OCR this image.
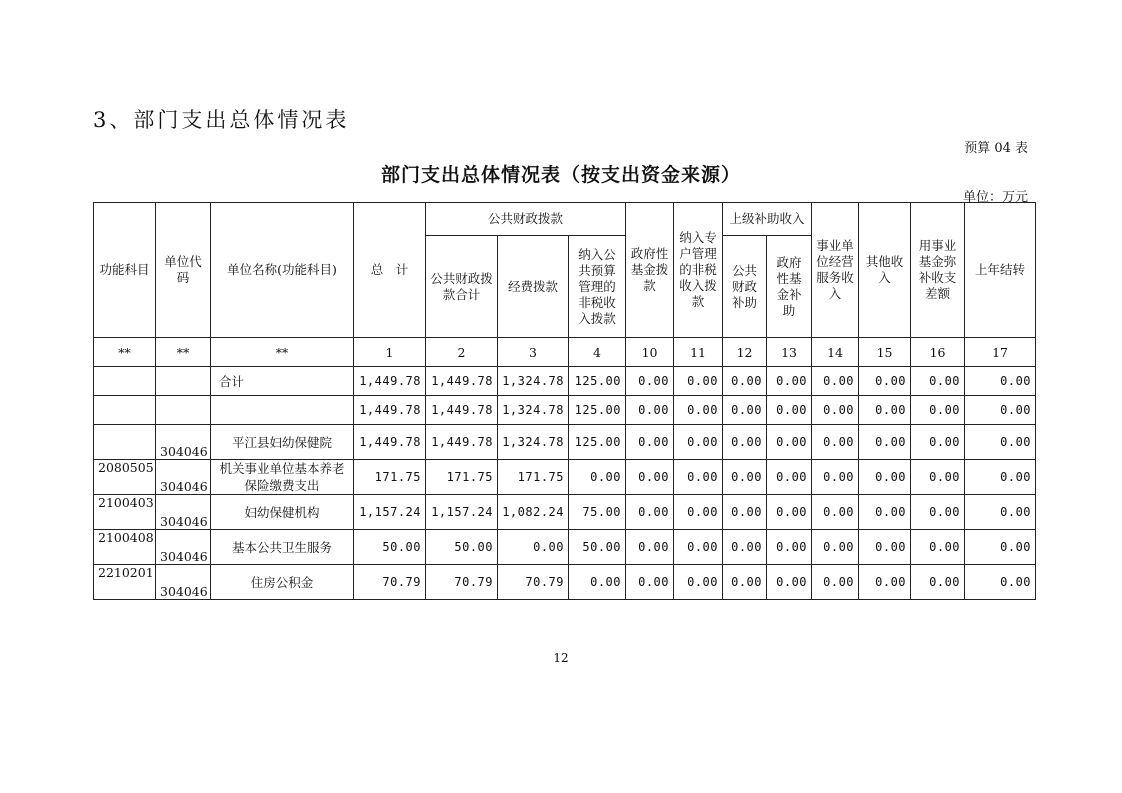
3、部门支出总体情况表
预算 04 表
部门支出总体情况表（按支出资金来源）
单位：万元
功能科目	单位代码	单位名称(功能科目)	总　计	公共财政拨款			政府性基金拨款	纳入专户管理的非税收入拨款	上级补助收入		事业单位经营服务收入	其他收入	用事业基金弥补收支差额	上年结转
				公共财政拨款合计	经费拨款	纳入公共预算管理的非税收入拨款			公共财政补助	政府性基金补助				
**	**	**	1	2	3	4	10	11	12	13	14	15	16	17
		合计	1,449.78	1,449.78	1,324.78	125.00	0.00	0.00	0.00	0.00	0.00	0.00	0.00	0.00
			1,449.78	1,449.78	1,324.78	125.00	0.00	0.00	0.00	0.00	0.00	0.00	0.00	0.00
	304046	平江县妇幼保健院	1,449.78	1,449.78	1,324.78	125.00	0.00	0.00	0.00	0.00	0.00	0.00	0.00	0.00
2080505	304046	机关事业单位基本养老保险缴费支出	171.75	171.75	171.75	0.00	0.00	0.00	0.00	0.00	0.00	0.00	0.00	0.00
2100403	304046	妇幼保健机构	1,157.24	1,157.24	1,082.24	75.00	0.00	0.00	0.00	0.00	0.00	0.00	0.00	0.00
2100408	304046	基本公共卫生服务	50.00	50.00	0.00	50.00	0.00	0.00	0.00	0.00	0.00	0.00	0.00	0.00
2210201	304046	住房公积金	70.79	70.79	70.79	0.00	0.00	0.00	0.00	0.00	0.00	0.00	0.00	0.00
12
